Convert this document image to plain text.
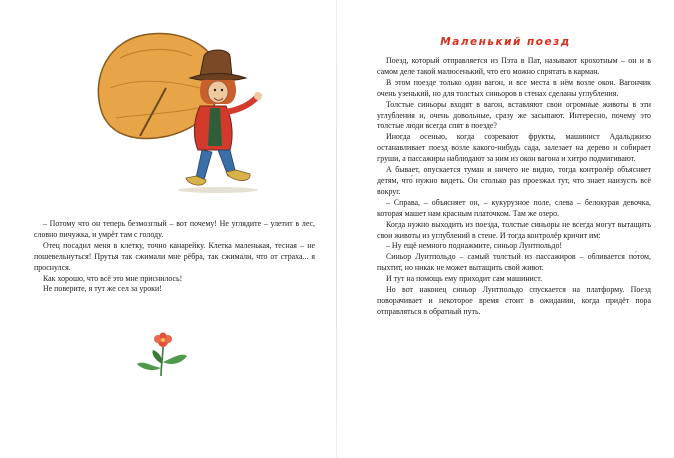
– Потому что он теперь безмозглый – вот почему! Не углядите – улетит в лес, словно пичужка, и умрёт там с голоду.

Отец посадил меня в клетку, точно канарейку. Клетка маленькая, тесная – не пошевельнуться! Прутья так сжимали мне рёбра, так сжимали, что от страха... я проснулся.

Как хорошо, что всё это мне приснилось!

Не поверите, я тут же сел за уроки!

Маленький поезд

Поезд, который отправляется из Пэта в Пат, называют крохотным – он и в самом деле такой малюсенький, что его можно спрятать в карман.

В этом поезде только один вагон, и все места в нём возле окон. Вагончик очень узенький, но для толстых синьоров в стенах сделаны углубления.

Толстые синьоры входят в вагон, вставляют свои огромные животы в эти углубления и, очень довольные, сразу же засыпают. Интересно, почему это толстые люди всегда спят в поезде?

Иногда осенью, когда созревают фрукты, машинист Адальджизо останавливает поезд возле какого-нибудь сада, залезает на дерево и собирает груши, а пассажиры наблюдают за ним из окон вагона и хитро подмигивают.

А бывает, опускается туман и ничего не видно, тогда контролёр объясняет детям, что́ нужно видеть. Он столько раз проезжал тут, что знает наизусть всё вокруг.

– Справа, – объясняет он, – кукурузное поле, слева – белокурая девочка, которая машет нам красным платочком. Там же озеро.

Когда нужно выходить из поезда, толстые синьоры не всегда могут вытащить свои животы из углублений в стене. И тогда контролёр кричит им:

– Ну ещё немного поднажмите, синьор Лунтпольдо!

Синьор Лунтпольдо – самый толстый из пассажиров – обливается по́том, пыхтит, но никак не может вытащить свой живот.

И тут на помощь ему приходит сам машинист.

Но вот наконец синьор Лунтпольдо спускается на платформу. Поезд поворачивает и некоторое время стоит в ожидании, когда придёт пора отправляться в обратный путь.
